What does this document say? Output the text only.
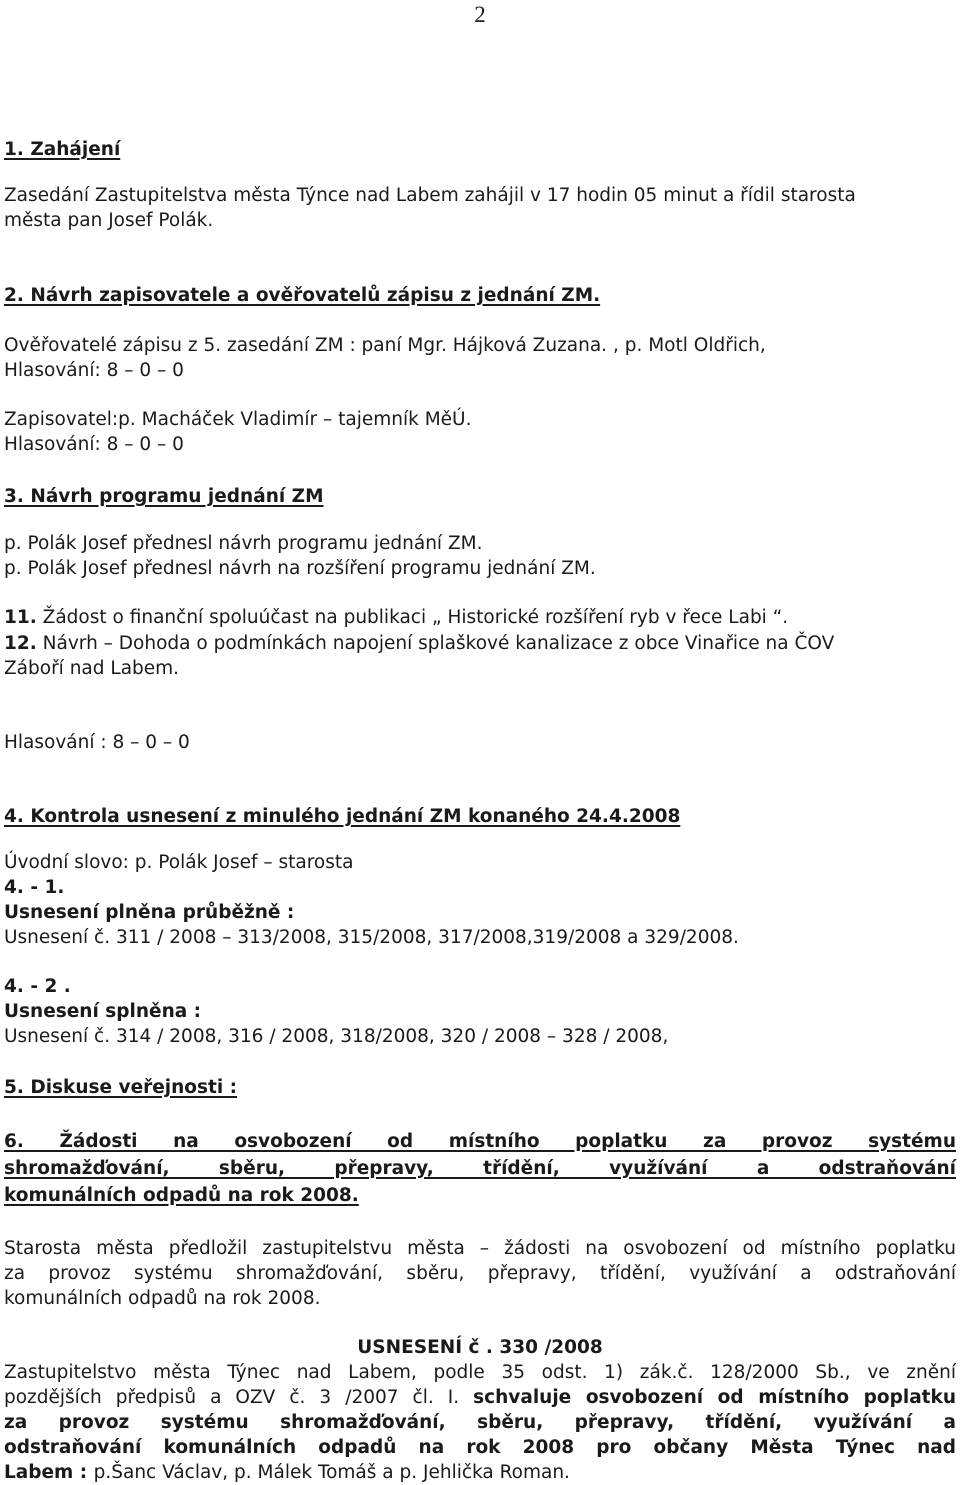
2
1. Zahájení
Zasedání Zastupitelstva města Týnce nad Labem zahájil v 17 hodin 05 minut a řídil starosta
města pan Josef Polák.
2. Návrh zapisovatele a ověřovatelů zápisu z jednání ZM.
Ověřovatelé zápisu z 5. zasedání ZM : paní Mgr. Hájková Zuzana. , p. Motl Oldřich,
Hlasování: 8 – 0 – 0
Zapisovatel:p. Macháček Vladimír – tajemník MěÚ.
Hlasování: 8 – 0 – 0
3. Návrh programu jednání ZM
p. Polák Josef přednesl návrh programu jednání ZM.
p. Polák Josef přednesl návrh na rozšíření programu jednání ZM.
11. Žádost o finanční spoluúčast na publikaci „ Historické rozšíření ryb v řece Labi “.
12. Návrh – Dohoda o podmínkách napojení splaškové kanalizace z obce Vinařice na ČOV
Záboří nad Labem.
Hlasování : 8 – 0 – 0
4. Kontrola usnesení z minulého jednání ZM konaného 24.4.2008
Úvodní slovo: p. Polák Josef – starosta
4. - 1.
Usnesení plněna průběžně :
Usnesení č. 311 / 2008 – 313/2008, 315/2008, 317/2008,319/2008 a 329/2008.
4. - 2 .
Usnesení splněna :
Usnesení č. 314 / 2008, 316 / 2008, 318/2008, 320 / 2008 – 328 / 2008,
5. Diskuse veřejnosti :
6. Žádosti na osvobození od místního poplatku za provoz systému
shromažďování, sběru, přepravy, třídění, využívání a odstraňování
komunálních odpadů na rok 2008.
Starosta města předložil zastupitelstvu města – žádosti na osvobození od místního poplatku
za provoz systému shromažďování, sběru, přepravy, třídění, využívání a odstraňování
komunálních odpadů na rok 2008.
USNESENÍ č . 330 /2008
Zastupitelstvo města Týnec nad Labem, podle 35 odst. 1) zák.č. 128/2000 Sb., ve znění
pozdějších předpisů a OZV č. 3 /2007 čl. I. schvaluje osvobození od místního poplatku
za provoz systému shromažďování, sběru, přepravy, třídění, využívání a
odstraňování komunálních odpadů na rok 2008 pro občany Města Týnec nad
Labem : p.Šanc Václav, p. Málek Tomáš a p. Jehlička Roman.
